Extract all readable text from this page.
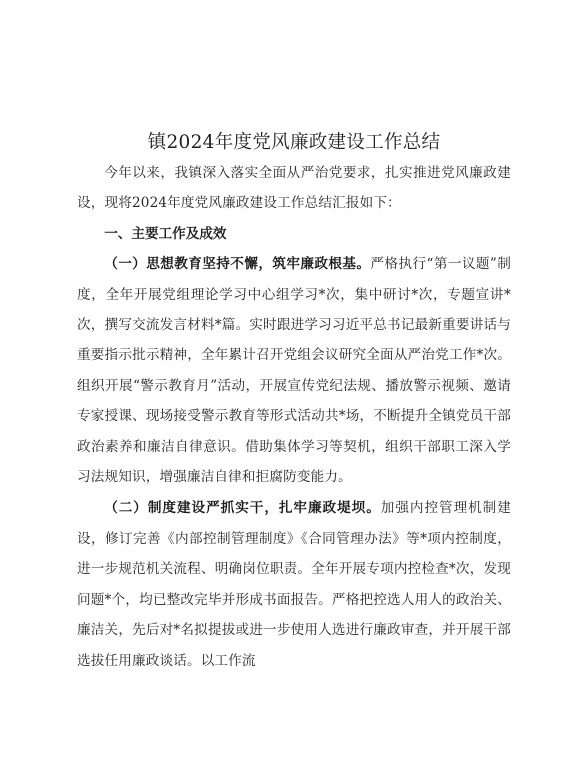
镇2024年度党风廉政建设工作总结

今年以来，我镇深入落实全面从严治党要求，扎实推进党风廉政建设，现将2024年度党风廉政建设工作总结汇报如下：

一、主要工作及成效

（一）思想教育坚持不懈，筑牢廉政根基。严格执行“第一议题”制度，全年开展党组理论学习中心组学习*次，集中研讨*次，专题宣讲*次，撰写交流发言材料*篇。实时跟进学习习近平总书记最新重要讲话与重要指示批示精神，全年累计召开党组会议研究全面从严治党工作*次。组织开展“警示教育月”活动，开展宣传党纪法规、播放警示视频、邀请专家授课、现场接受警示教育等形式活动共*场，不断提升全镇党员干部政治素养和廉洁自律意识。借助集体学习等契机，组织干部职工深入学习法规知识，增强廉洁自律和拒腐防变能力。

（二）制度建设严抓实干，扎牢廉政堤坝。加强内控管理机制建设，修订完善《内部控制管理制度》《合同管理办法》等*项内控制度，进一步规范机关流程、明确岗位职责。全年开展专项内控检查*次，发现问题*个，均已整改完毕并形成书面报告。严格把控选人用人的政治关、廉洁关，先后对*名拟提拔或进一步使用人选进行廉政审查，并开展干部选拔任用廉政谈话。以工作流
